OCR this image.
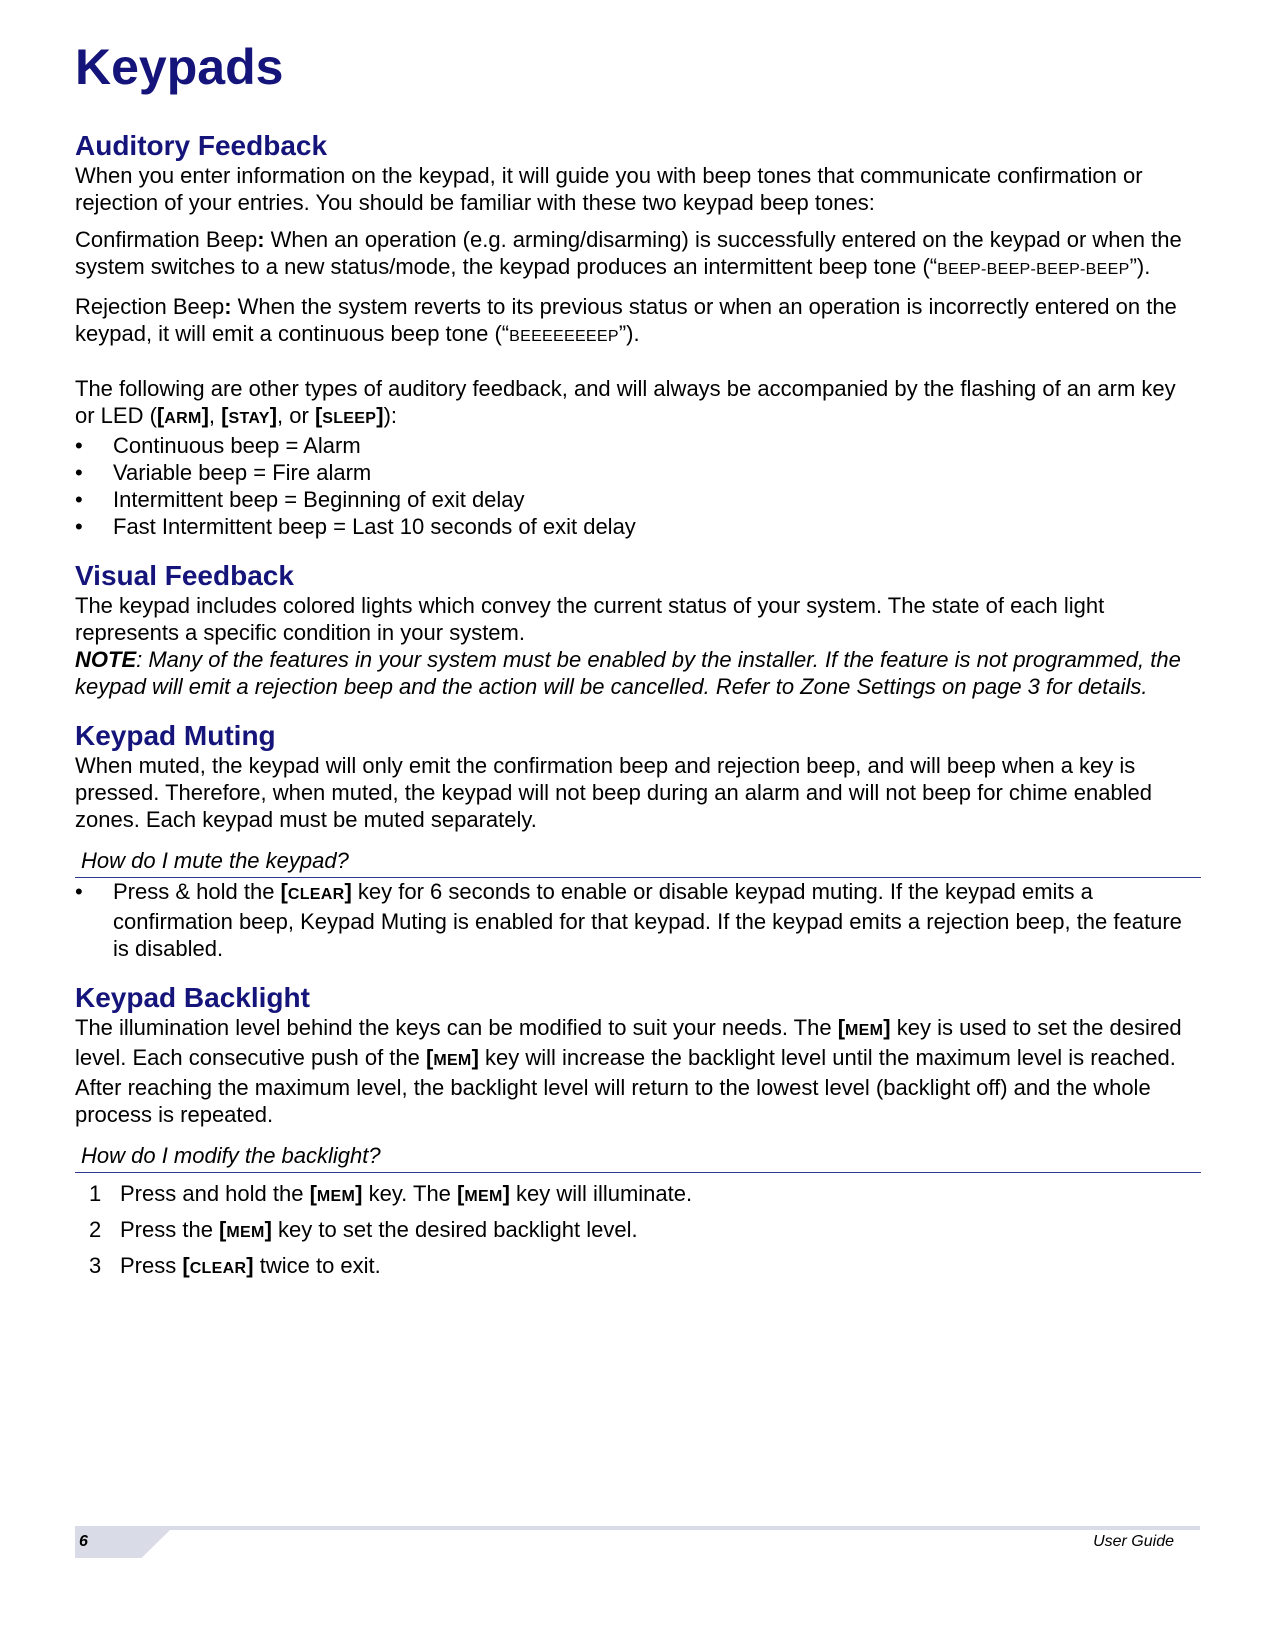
Keypads
Auditory Feedback

When you enter information on the keypad, it will guide you with beep tones that communicate confirmation or rejection of your entries. You should be familiar with these two keypad beep tones:

Confirmation Beep: When an operation (e.g. arming/disarming) is successfully entered on the keypad or when the system switches to a new status/mode, the keypad produces an intermittent beep tone (“BEEP-BEEP-BEEP-BEEP”).

Rejection Beep: When the system reverts to its previous status or when an operation is incorrectly entered on the keypad, it will emit a continuous beep tone (“BEEEEEEEEP”).

The following are other types of auditory feedback, and will always be accompanied by the flashing of an arm key or LED ([ARM], [STAY], or [SLEEP]):

• Continuous beep = Alarm
• Variable beep = Fire alarm
• Intermittent beep = Beginning of exit delay
• Fast Intermittent beep = Last 10 seconds of exit delay
Visual Feedback

The keypad includes colored lights which convey the current status of your system. The state of each light represents a specific condition in your system.

NOTE: Many of the features in your system must be enabled by the installer. If the feature is not programmed, the keypad will emit a rejection beep and the action will be cancelled. Refer to Zone Settings on page 3 for details.

Keypad Muting

When muted, the keypad will only emit the confirmation beep and rejection beep, and will beep when a key is pressed. Therefore, when muted, the keypad will not beep during an alarm and will not beep for chime enabled zones. Each keypad must be muted separately.

How do I mute the keypad?
• Press & hold the [CLEAR] key for 6 seconds to enable or disable keypad muting. If the keypad emits a confirmation beep, Keypad Muting is enabled for that keypad. If the keypad emits a rejection beep, the feature is disabled.
Keypad Backlight

The illumination level behind the keys can be modified to suit your needs. The [MEM] key is used to set the desired level. Each consecutive push of the [MEM] key will increase the backlight level until the maximum level is reached. After reaching the maximum level, the backlight level will return to the lowest level (backlight off) and the whole process is repeated.

How do I modify the backlight?
1 Press and hold the [MEM] key. The [MEM] key will illuminate.
2 Press the [MEM] key to set the desired backlight level.
3 Press [CLEAR] twice to exit.
6	User Guide
